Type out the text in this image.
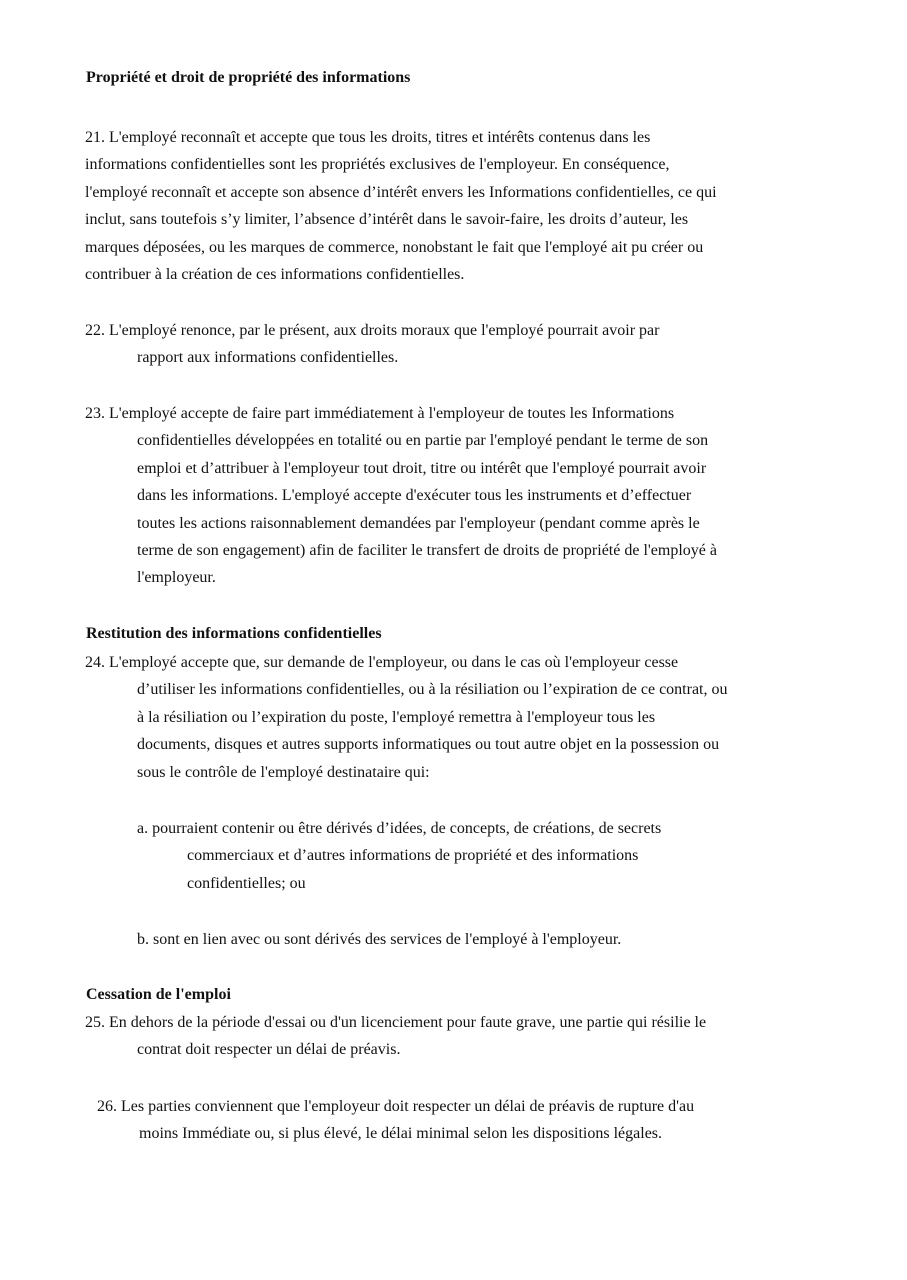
Propriété et droit de propriété des informations
21. L'employé reconnaît et accepte que tous les droits, titres et intérêts contenus dans les
informations confidentielles sont les propriétés exclusives de l'employeur. En conséquence,
l'employé reconnaît et accepte son absence d’intérêt envers les Informations confidentielles, ce qui
inclut, sans toutefois s’y limiter, l’absence d’intérêt dans le savoir-faire, les droits d’auteur, les
marques déposées, ou les marques de commerce, nonobstant le fait que l'employé ait pu créer ou
contribuer à la création de ces informations confidentielles.
22. L'employé renonce, par le présent, aux droits moraux que l'employé pourrait avoir par
rapport aux informations confidentielles.
23. L'employé accepte de faire part immédiatement à l'employeur de toutes les Informations
confidentielles développées en totalité ou en partie par l'employé pendant le terme de son
emploi et d’attribuer à l'employeur tout droit, titre ou intérêt que l'employé pourrait avoir
dans les informations. L'employé accepte d'exécuter tous les instruments et d’effectuer
toutes les actions raisonnablement demandées par l'employeur (pendant comme après le
terme de son engagement) afin de faciliter le transfert de droits de propriété de l'employé à
l'employeur.
Restitution des informations confidentielles
24. L'employé accepte que, sur demande de l'employeur, ou dans le cas où l'employeur cesse
d’utiliser les informations confidentielles, ou à la résiliation ou l’expiration de ce contrat, ou
à la résiliation ou l’expiration du poste, l'employé remettra à l'employeur tous les
documents, disques et autres supports informatiques ou tout autre objet en la possession ou
sous le contrôle de l'employé destinataire qui:
a. pourraient contenir ou être dérivés d’idées, de concepts, de créations, de secrets
commerciaux et d’autres informations de propriété et des informations
confidentielles; ou
b. sont en lien avec ou sont dérivés des services de l'employé à l'employeur.
Cessation de l'emploi
25. En dehors de la période d'essai ou d'un licenciement pour faute grave, une partie qui résilie le
contrat doit respecter un délai de préavis.
26. Les parties conviennent que l'employeur doit respecter un délai de préavis de rupture d'au
moins Immédiate ou, si plus élevé, le délai minimal selon les dispositions légales.
